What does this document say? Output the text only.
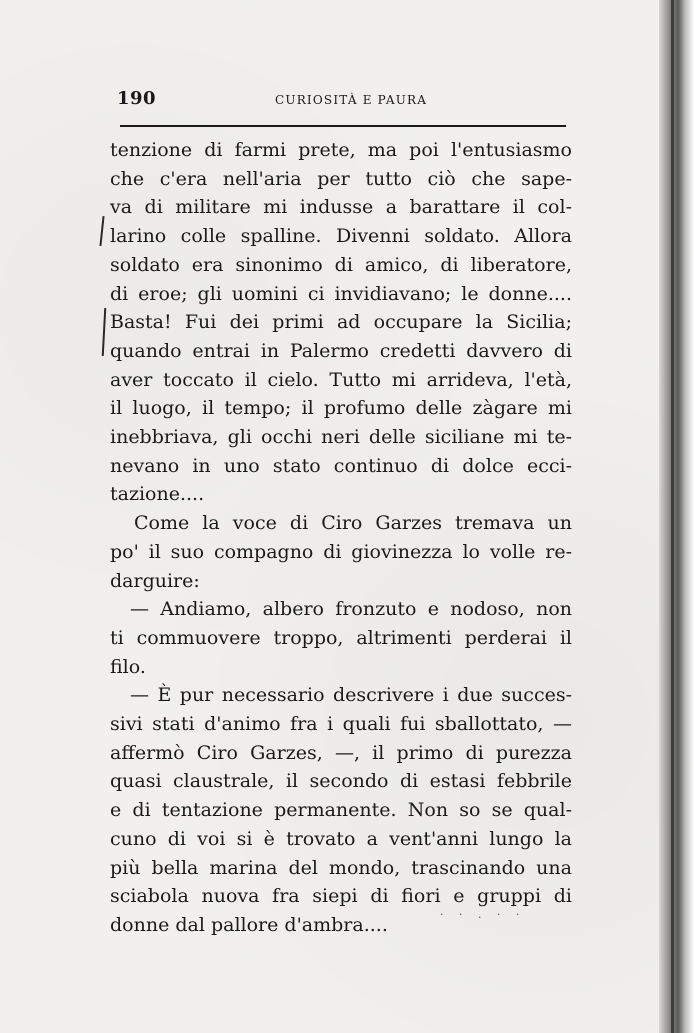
190	CURIOSITÀ E PAURA
tenzione di farmi prete, ma poi l'entusiasmo
che c'era nell'aria per tutto ciò che sape-
va di militare mi indusse a barattare il col-
larino colle spalline. Divenni soldato. Allora
soldato era sinonimo di amico, di liberatore,
di eroe; gli uomini ci invidiavano; le donne....
Basta! Fui dei primi ad occupare la Sicilia;
quando entrai in Palermo credetti davvero di
aver toccato il cielo. Tutto mi arrideva, l'età,
il luogo, il tempo; il profumo delle zàgare mi
inebbriava, gli occhi neri delle siciliane mi te-
nevano in uno stato continuo di dolce ecci-
tazione....
Come la voce di Ciro Garzes tremava un
po' il suo compagno di giovinezza lo volle re-
darguire:
— Andiamo, albero fronzuto e nodoso, non
ti commuovere troppo, altrimenti perderai il
filo.
— È pur necessario descrivere i due succes-
sivi stati d'animo fra i quali fui sballottato, —
affermò Ciro Garzes, —, il primo di purezza
quasi claustrale, il secondo di estasi febbrile
e di tentazione permanente. Non so se qual-
cuno di voi si è trovato a vent'anni lungo la
più bella marina del mondo, trascinando una
sciabola nuova fra siepi di fiori e gruppi di
donne dal pallore d'ambra....	· · . · ·
